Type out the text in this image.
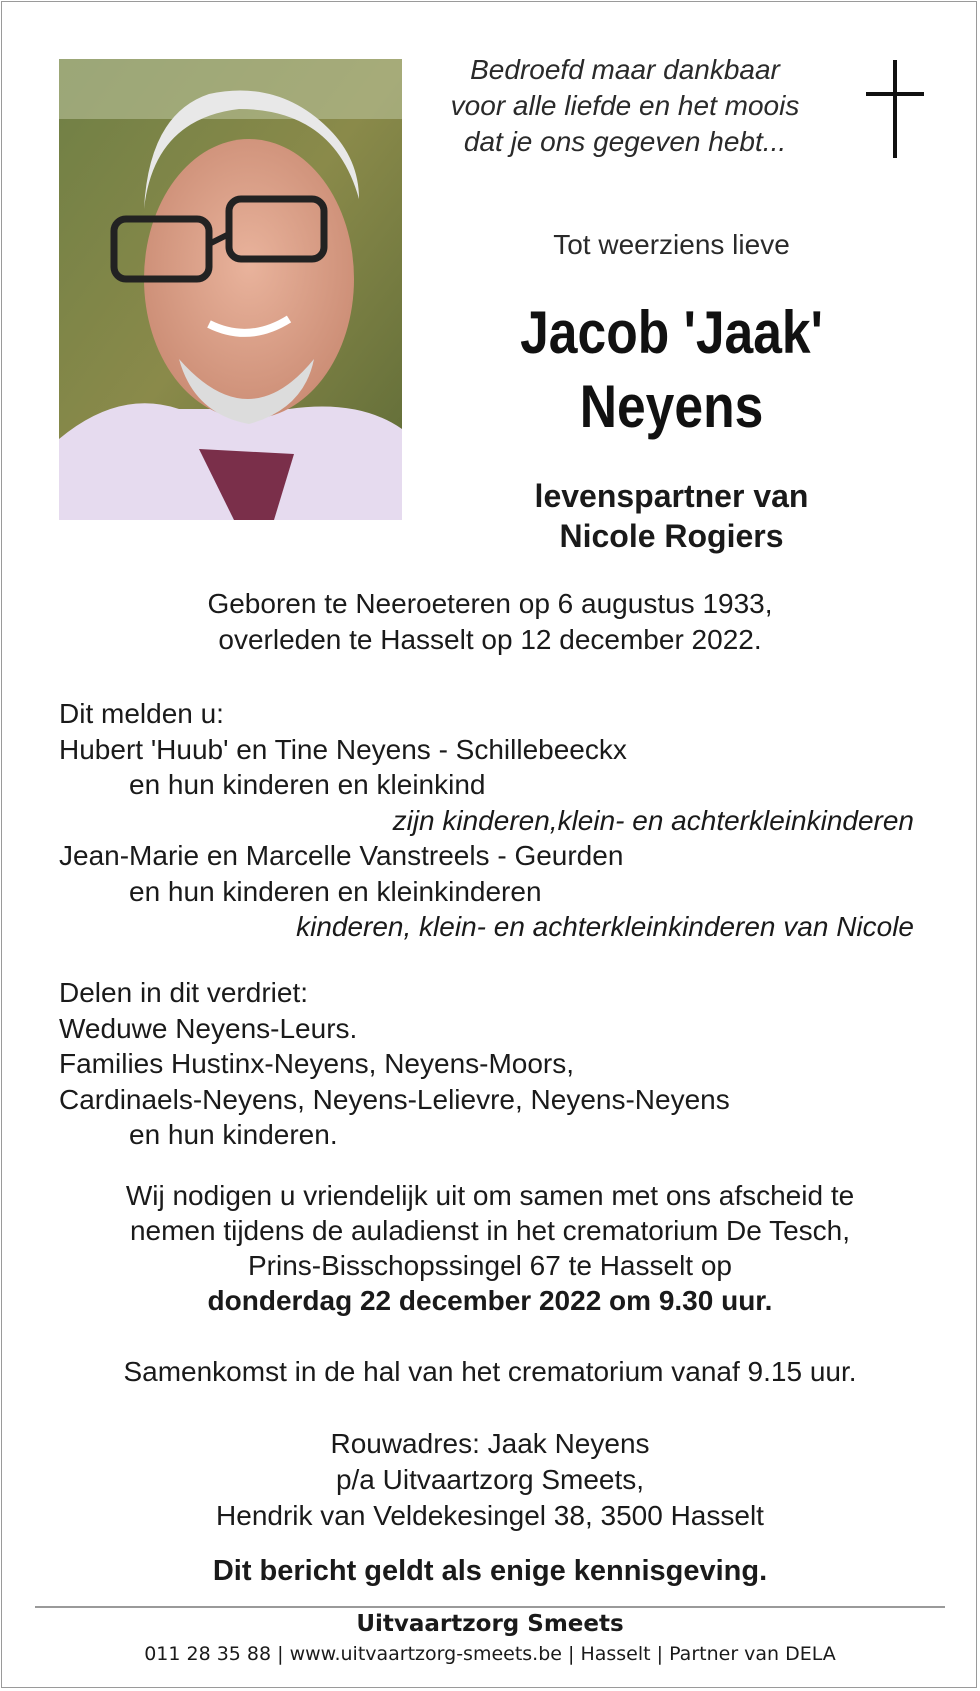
Bedroefd maar dankbaar
voor alle liefde en het moois
dat je ons gegeven hebt...
Tot weerziens lieve
Jacob 'Jaak'
Neyens
levenspartner van
Nicole Rogiers
Geboren te Neeroeteren op 6 augustus 1933,
overleden te Hasselt op 12 december 2022.
Dit melden u:
Hubert 'Huub' en Tine Neyens - Schillebeeckx
en hun kinderen en kleinkind
zijn kinderen,klein- en achterkleinkinderen
Jean-Marie en Marcelle Vanstreels - Geurden
en hun kinderen en kleinkinderen
kinderen, klein- en achterkleinkinderen van Nicole
Delen in dit verdriet:
Weduwe Neyens-Leurs.
Families Hustinx-Neyens, Neyens-Moors,
Cardinaels-Neyens, Neyens-Lelievre, Neyens-Neyens
en hun kinderen.
Wij nodigen u vriendelijk uit om samen met ons afscheid te
nemen tijdens de auladienst in het crematorium De Tesch,
Prins-Bisschopssingel 67 te Hasselt op
donderdag 22 december 2022 om 9.30 uur.
Samenkomst in de hal van het crematorium vanaf 9.15 uur.
Rouwadres: Jaak Neyens
p/a Uitvaartzorg Smeets,
Hendrik van Veldekesingel 38, 3500 Hasselt
Dit bericht geldt als enige kennisgeving.
Uitvaartzorg Smeets
011 28 35 88 | www.uitvaartzorg-smeets.be | Hasselt | Partner van DELA
